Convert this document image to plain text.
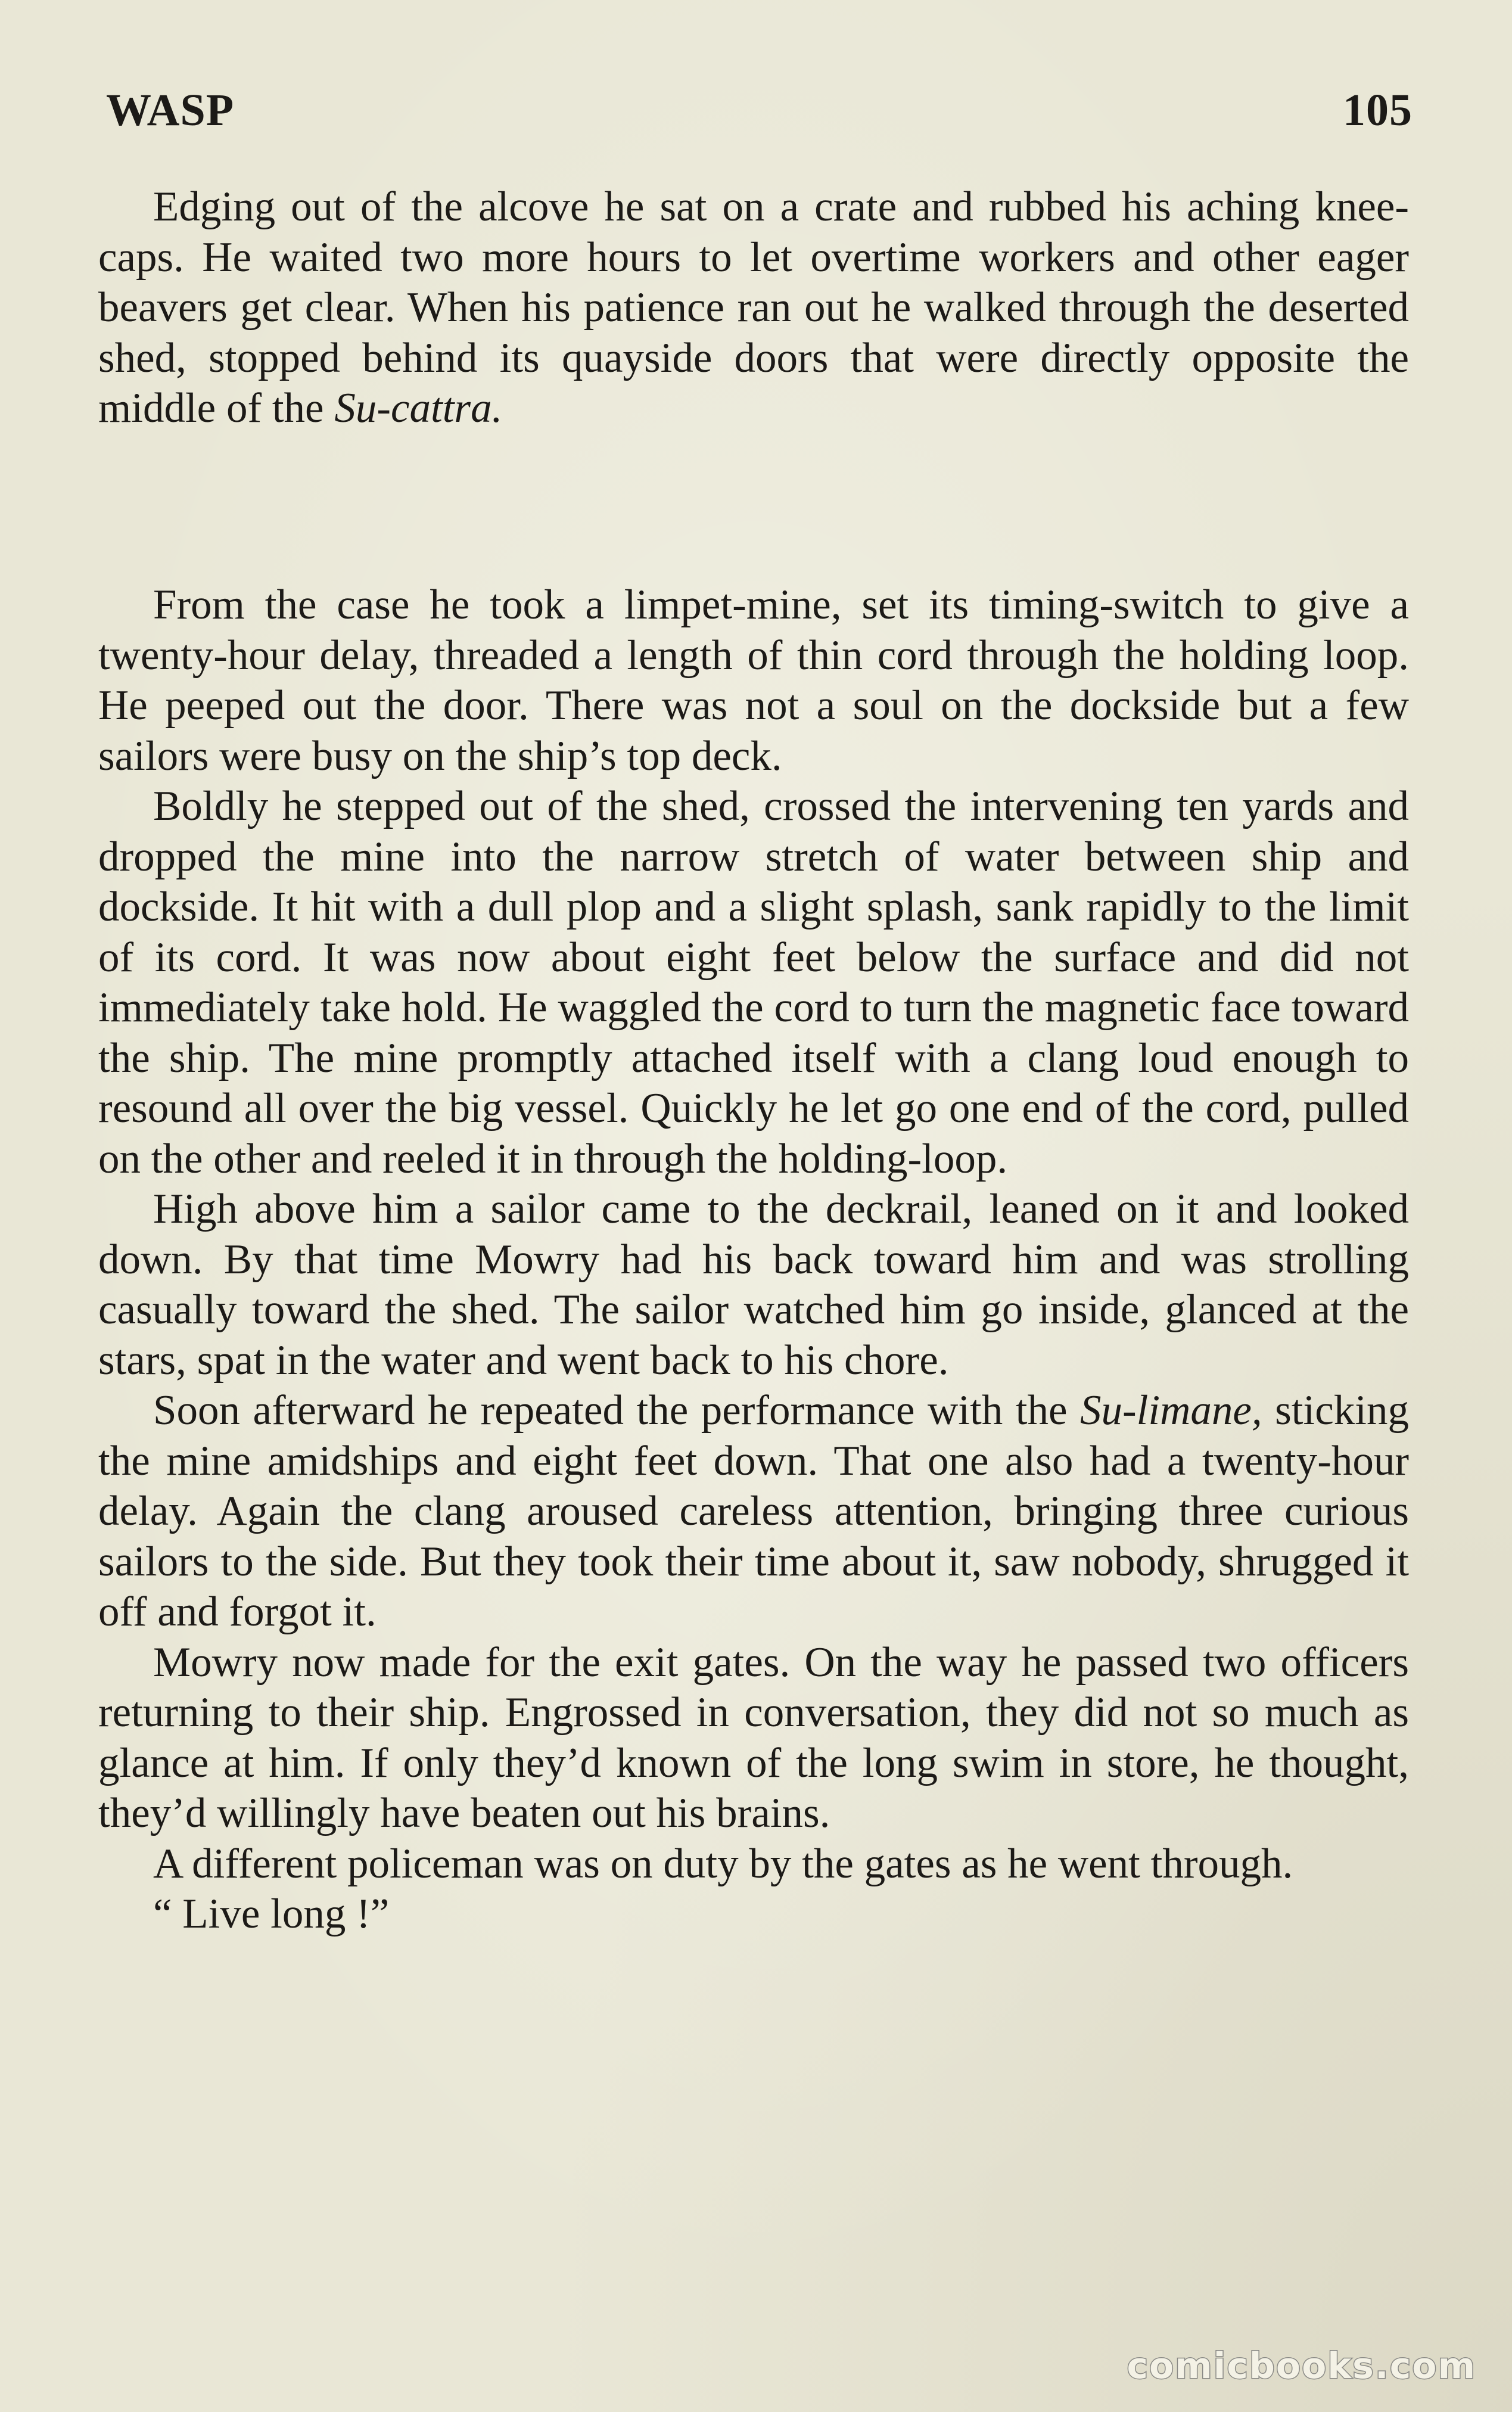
WASP	105

Edging out of the alcove he sat on a crate and rubbed his aching knee-caps. He waited two more hours to let overtime workers and other eager beavers get clear. When his patience ran out he walked through the deserted shed, stopped behind its quayside doors that were directly opposite the middle of the Su-cattra.

From the case he took a limpet-mine, set its timing-switch to give a twenty-hour delay, threaded a length of thin cord through the holding loop. He peeped out the door. There was not a soul on the dockside but a few sailors were busy on the ship’s top deck.

Boldly he stepped out of the shed, crossed the intervening ten yards and dropped the mine into the narrow stretch of water between ship and dockside. It hit with a dull plop and a slight splash, sank rapidly to the limit of its cord. It was now about eight feet below the surface and did not immediately take hold. He waggled the cord to turn the magnetic face toward the ship. The mine promptly attached itself with a clang loud enough to resound all over the big vessel. Quickly he let go one end of the cord, pulled on the other and reeled it in through the holding-loop.

High above him a sailor came to the deckrail, leaned on it and looked down. By that time Mowry had his back toward him and was strolling casually toward the shed. The sailor watched him go inside, glanced at the stars, spat in the water and went back to his chore.

Soon afterward he repeated the performance with the Su-limane, sticking the mine amidships and eight feet down. That one also had a twenty-hour delay. Again the clang aroused careless attention, bringing three curious sailors to the side. But they took their time about it, saw nobody, shrugged it off and forgot it.

Mowry now made for the exit gates. On the way he passed two officers returning to their ship. Engrossed in conversation, they did not so much as glance at him. If only they’d known of the long swim in store, he thought, they’d willingly have beaten out his brains.

A different policeman was on duty by the gates as he went through.

“ Live long !”

comicbooks.com
